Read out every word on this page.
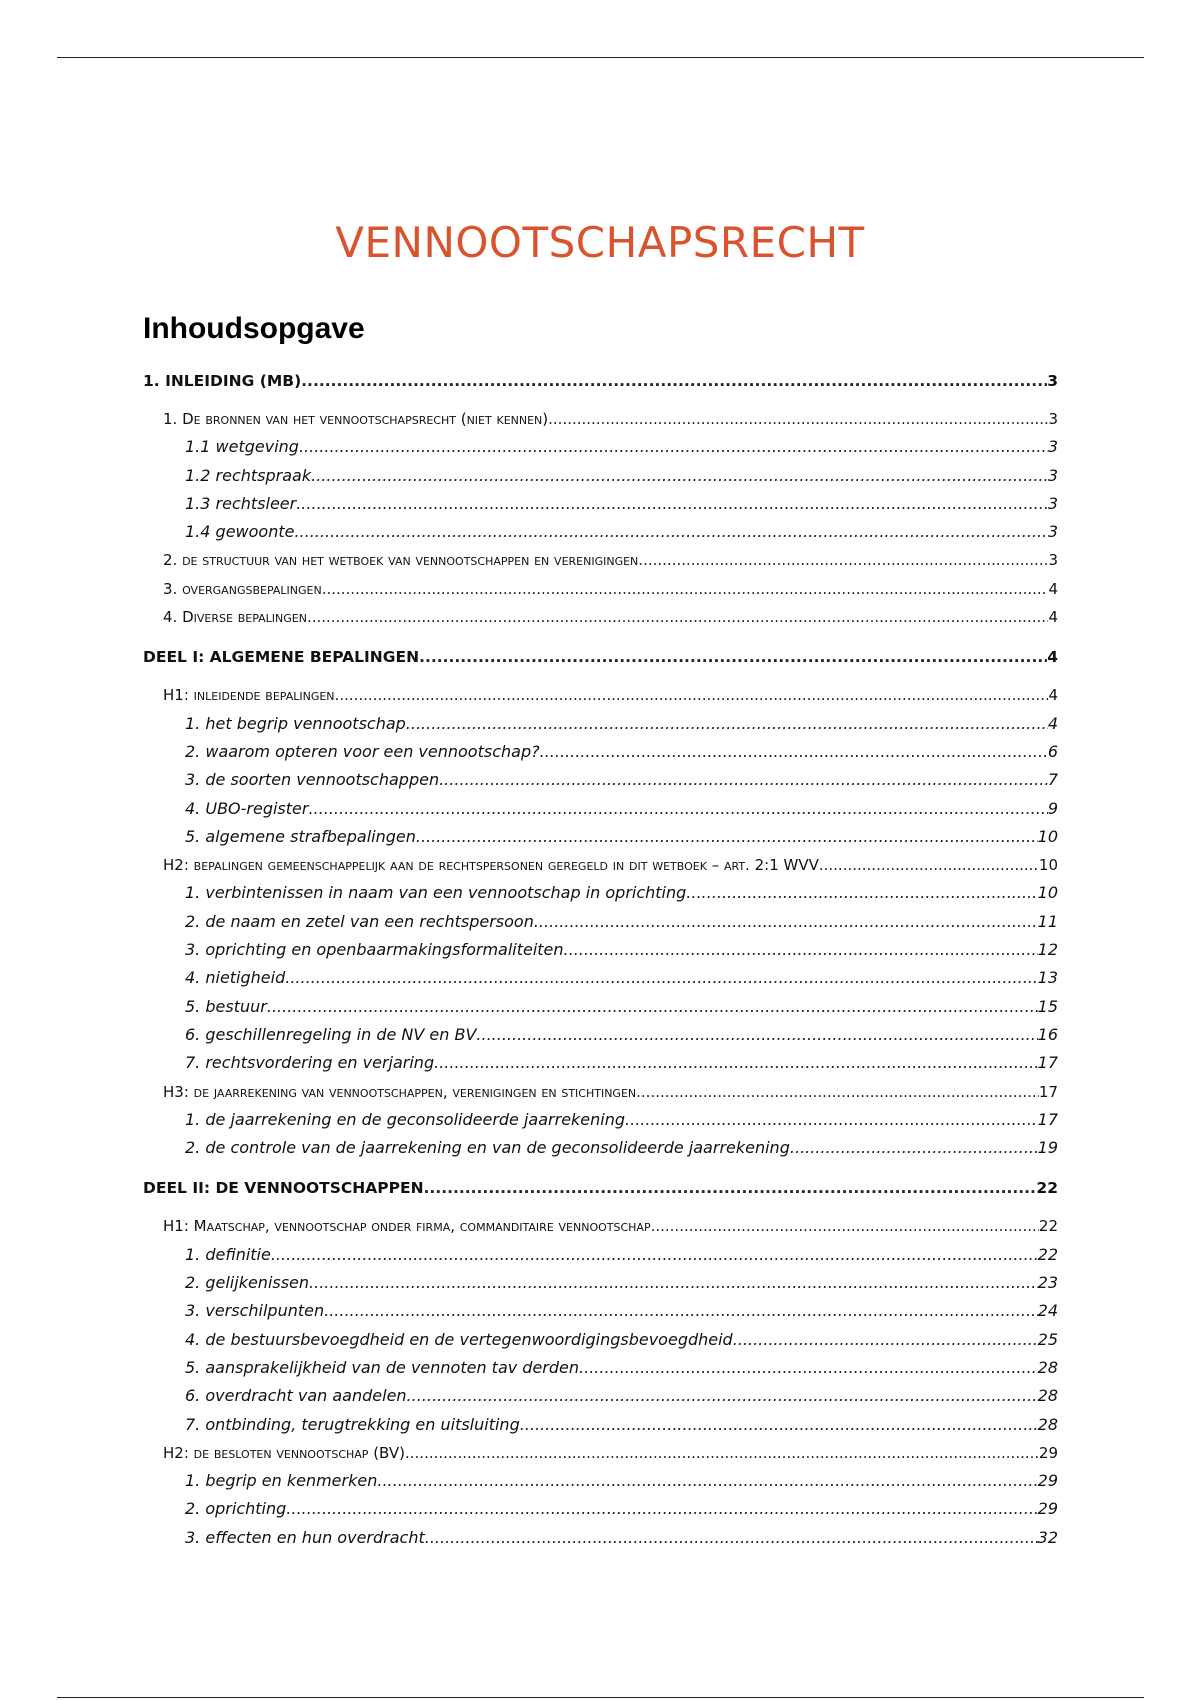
VENNOOTSCHAPSRECHT
Inhoudsopgave
1. INLEIDING (MB) .....	3
1. De bronnen van het vennootschapsrecht (niet kennen) .....	3
1.1 wetgeving .....	3
1.2 rechtspraak .....	3
1.3 rechtsleer .....	3
1.4 gewoonte .....	3
2. de structuur van het wetboek van vennootschappen en verenigingen .....	3
3. overgangsbepalingen .....	4
4. Diverse bepalingen .....	4
DEEL I: ALGEMENE BEPALINGEN .....	4
H1: inleidende bepalingen .....	4
1. het begrip vennootschap .....	4
2. waarom opteren voor een vennootschap? .....	6
3. de soorten vennootschappen .....	7
4. UBO-register .....	9
5. algemene strafbepalingen .....	10
H2: bepalingen gemeenschappelijk aan de rechtspersonen geregeld in dit wetboek – art. 2:1 WVV .....	10
1. verbintenissen in naam van een vennootschap in oprichting .....	10
2. de naam en zetel van een rechtspersoon .....	11
3. oprichting en openbaarmakingsformaliteiten .....	12
4. nietigheid .....	13
5. bestuur .....	15
6. geschillenregeling in de NV en BV .....	16
7. rechtsvordering en verjaring .....	17
H3: de jaarrekening van vennootschappen, verenigingen en stichtingen .....	17
1. de jaarrekening en de geconsolideerde jaarrekening .....	17
2. de controle van de jaarrekening en van de geconsolideerde jaarrekening .....	19
DEEL II: DE VENNOOTSCHAPPEN .....	22
H1: Maatschap, vennootschap onder firma, commanditaire vennootschap .....	22
1. definitie .....	22
2. gelijkenissen .....	23
3. verschilpunten .....	24
4. de bestuursbevoegdheid en de vertegenwoordigingsbevoegdheid .....	25
5. aansprakelijkheid van de vennoten tav derden .....	28
6. overdracht van aandelen .....	28
7. ontbinding, terugtrekking en uitsluiting .....	28
H2: de besloten vennootschap (BV) .....	29
1. begrip en kenmerken .....	29
2. oprichting .....	29
3. effecten en hun overdracht .....	32
